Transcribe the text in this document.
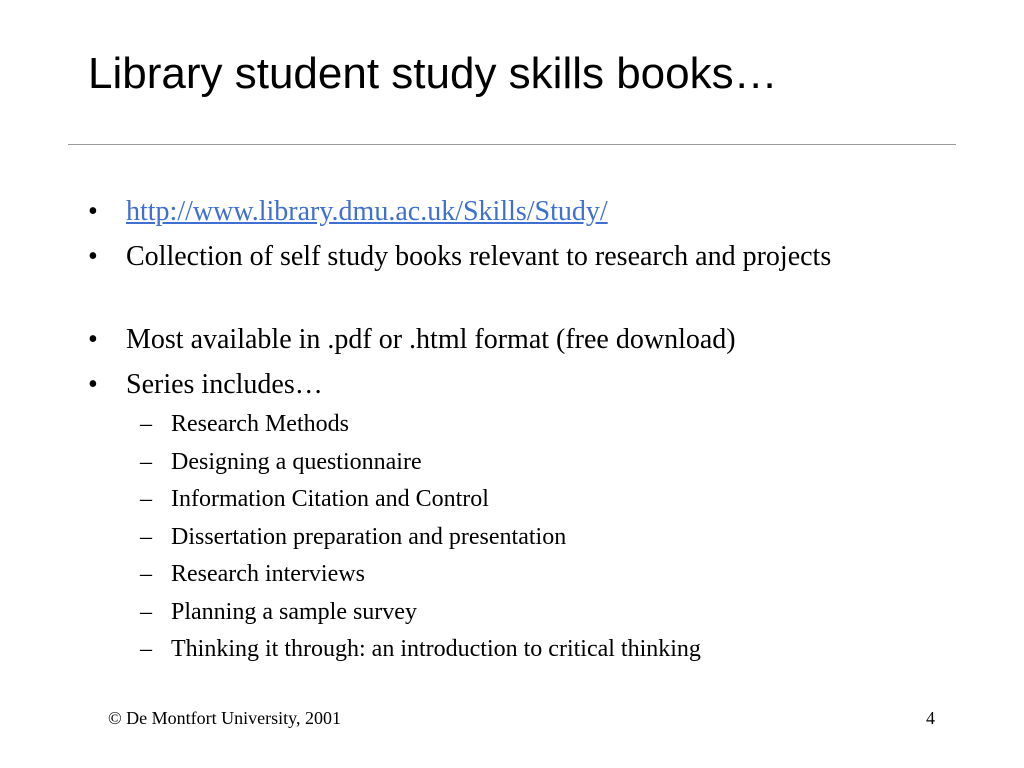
Library student study skills books…
• http://www.library.dmu.ac.uk/Skills/Study/
• Collection of self study books relevant to research and projects
• Most available in .pdf or .html format (free download)
• Series includes…
– Research Methods
– Designing a questionnaire
– Information Citation and Control
– Dissertation preparation and presentation
– Research interviews
– Planning a sample survey
– Thinking it through: an introduction to critical thinking
© De Montfort University, 2001	4
